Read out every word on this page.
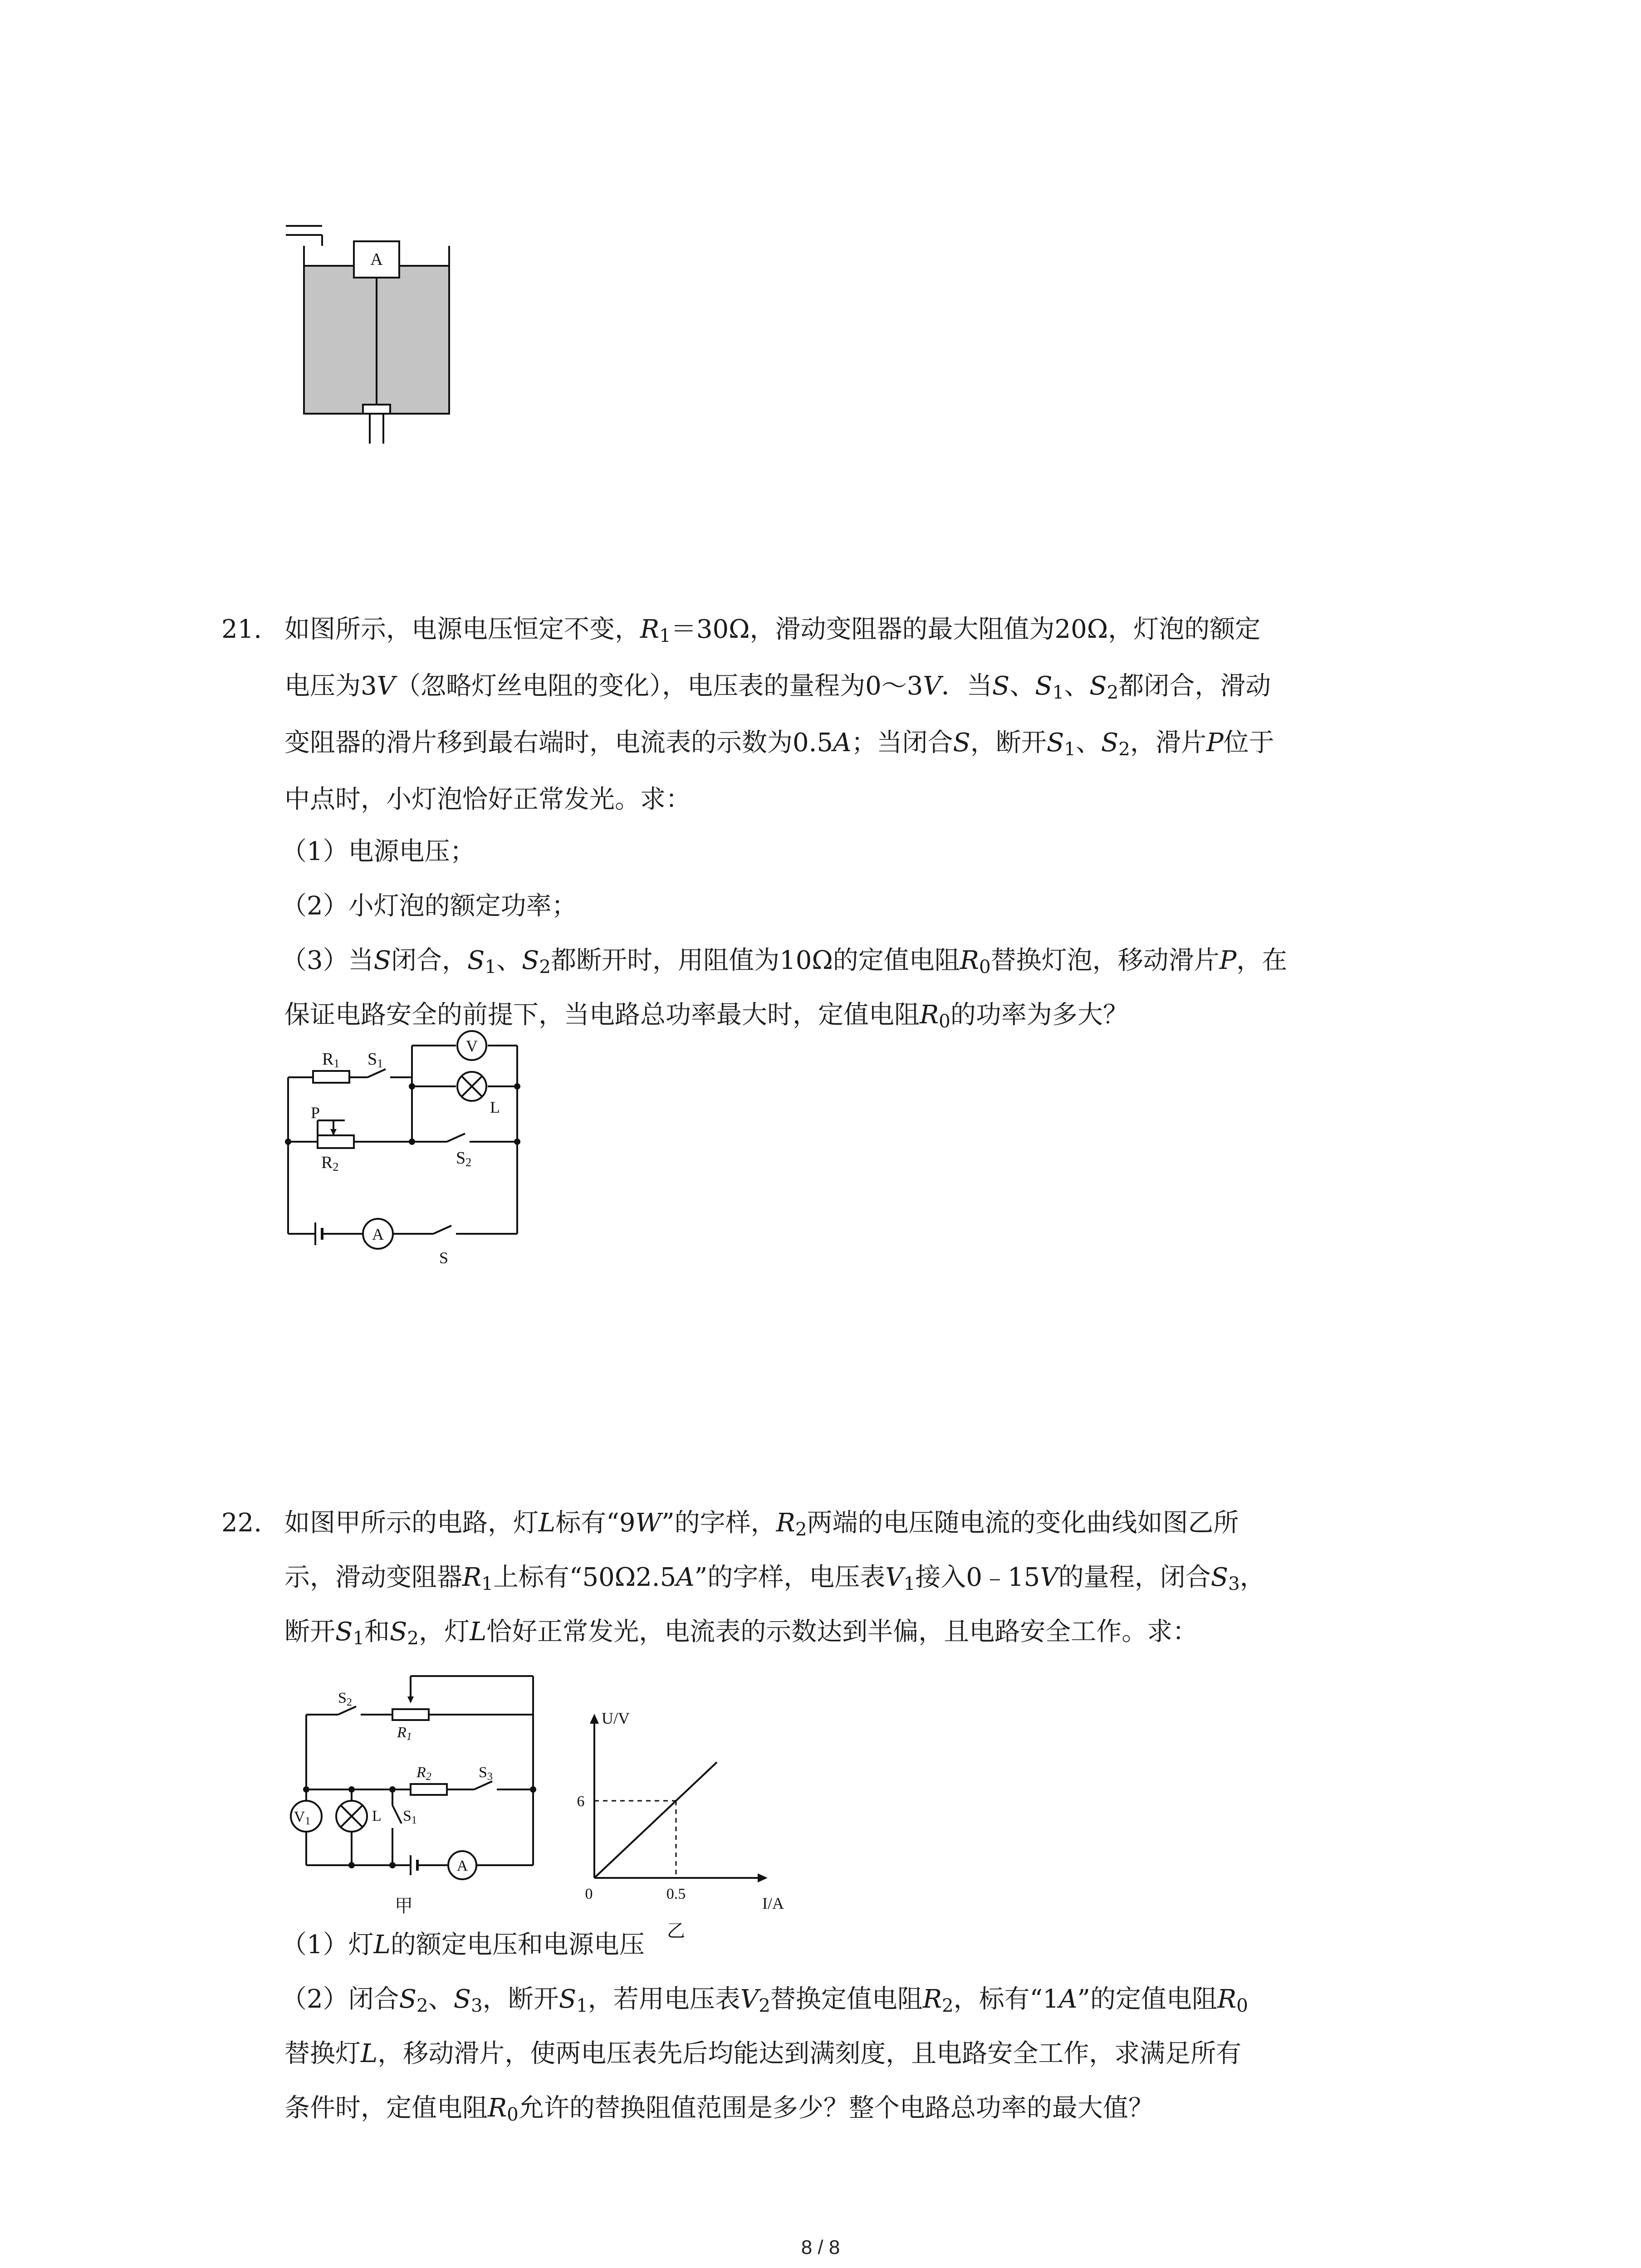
A
21. 如图所示，电源电压恒定不变，$R_1=30\Omega$，滑动变阻器的最大阻值为20Ω，灯泡的额定
电压为3V（忽略灯丝电阻的变化），电压表的量程为0～3V．当S、$S_1$、$S_2$都闭合，滑动
变阻器的滑片移到最右端时，电流表的示数为0.5A；当闭合S，断开$S_1$、$S_2$，滑片P位于
中点时，小灯泡恰好正常发光。求：
（1）电源电压；
（2）小灯泡的额定功率；
（3）当S闭合，$S_1$、$S_2$都断开时，用阻值为10Ω的定值电阻$R_0$替换灯泡，移动滑片P，在
保证电路安全的前提下，当电路总功率最大时，定值电阻$R_0$的功率为多大？
V
A
R1 S1
L
P
R2	S2
S
22. 如图甲所示的电路，灯L标有“9W”的字样，$R_2$两端的电压随电流的变化曲线如图乙所
示，滑动变阻器$R_1$上标有“50Ω2.5A”的字样，电压表$V_1$接入0﹣15V的量程，闭合$S_3$，
断开$S_1$和$S_2$，灯L恰好正常发光，电流表的示数达到半偏，且电路安全工作。求：
V1
A
S2
R1
R2	S3
L S1
甲
U/V
I/A
0	0.5
6
乙
（1）灯L的额定电压和电源电压
（2）闭合$S_2$、$S_3$，断开$S_1$，若用电压表$V_2$替换定值电阻$R_2$，标有“1A”的定值电阻$R_0$
替换灯L，移动滑片，使两电压表先后均能达到满刻度，且电路安全工作，求满足所有
条件时，定值电阻$R_0$允许的替换阻值范围是多少？整个电路总功率的最大值？
8 / 8
